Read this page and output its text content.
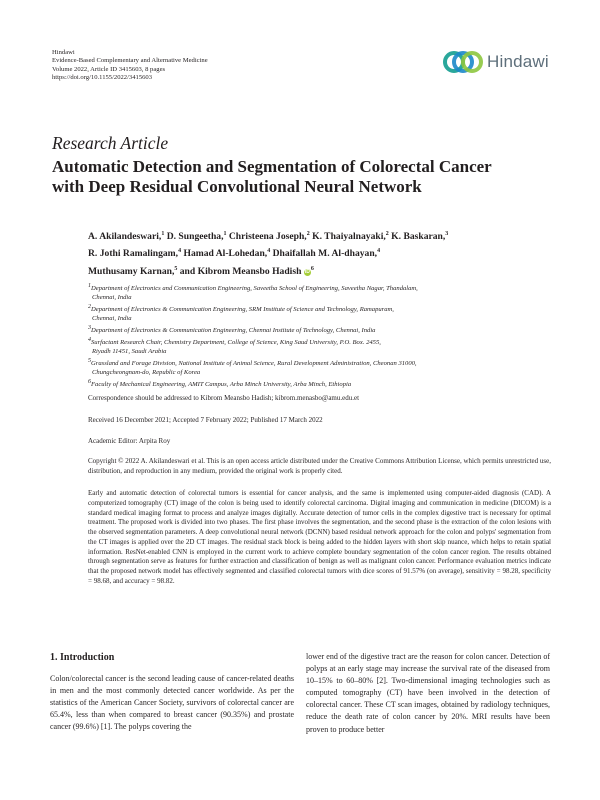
Hindawi
Evidence-Based Complementary and Alternative Medicine
Volume 2022, Article ID 3415603, 8 pages
https://doi.org/10.1155/2022/3415603
Hindawi
Research Article
Automatic Detection and Segmentation of Colorectal Cancer
with Deep Residual Convolutional Neural Network
A. Akilandeswari,$^1$ D. Sungeetha,$^1$ Christeena Joseph,$^2$ K. Thaiyalnayaki,$^2$ K. Baskaran,$^3$
R. Jothi Ramalingam,$^4$ Hamad Al-Lohedan,$^4$ Dhaifallah M. Al-dhayan,$^4$
Muthusamy Karnan,$^5$ and Kibrom Meansbo Hadish $iD^6$
$^1$Department of Electronics and Communication Engineering, Saveetha School of Engineering, Saveetha Nagar, Thandalam,
Chennai, India
$^2$Department of Electronics & Communication Engineering, SRM Institute of Science and Technology, Ramapuram,
Chennai, India
$^3$Department of Electronics & Communication Engineering, Chennai Institute of Technology, Chennai, India
$^4$Surfactant Research Chair, Chemistry Department, College of Science, King Saud University, P.O. Box. 2455,
Riyadh 11451, Saudi Arabia
$^5$Grassland and Forage Division, National Institute of Animal Science, Rural Development Administration, Cheonan 31000,
Chungcheongnam-do, Republic of Korea
$^6$Faculty of Mechanical Engineering, AMIT Campus, Arba Minch University, Arba Minch, Ethiopia
Correspondence should be addressed to Kibrom Meansbo Hadish; kibrom.menasbo@amu.edu.et
Received 16 December 2021; Accepted 7 February 2022; Published 17 March 2022
Academic Editor: Arpita Roy
Copyright © 2022 A. Akilandeswari et al. This is an open access article distributed under the Creative Commons Attribution License, which permits unrestricted use, distribution, and reproduction in any medium, provided the original work is properly cited.
Early and automatic detection of colorectal tumors is essential for cancer analysis, and the same is implemented using computer-aided diagnosis (CAD). A computerized tomography (CT) image of the colon is being used to identify colorectal carcinoma. Digital imaging and communication in medicine (DICOM) is a standard medical imaging format to process and analyze images digitally. Accurate detection of tumor cells in the complex digestive tract is necessary for optimal treatment. The proposed work is divided into two phases. The first phase involves the segmentation, and the second phase is the extraction of the colon lesions with the observed segmentation parameters. A deep convolutional neural network (DCNN) based residual network approach for the colon and polyps' segmentation from the CT images is applied over the 2D CT images. The residual stack block is being added to the hidden layers with short skip nuance, which helps to retain spatial information. ResNet-enabled CNN is employed in the current work to achieve complete boundary segmentation of the colon cancer region. The results obtained through segmentation serve as features for further extraction and classification of benign as well as malignant colon cancer. Performance evaluation metrics indicate that the proposed network model has effectively segmented and classified colorectal tumors with dice scores of 91.57% (on average), sensitivity = 98.28, specificity = 98.68, and accuracy = 98.82.
1. Introduction
Colon/colorectal cancer is the second leading cause of cancer-related deaths in men and the most commonly detected cancer worldwide. As per the statistics of the American Cancer Society, survivors of colorectal cancer are 65.4%, less than when compared to breast cancer (90.35%) and prostate cancer (99.6%) [1]. The polyps covering the
lower end of the digestive tract are the reason for colon cancer. Detection of polyps at an early stage may increase the survival rate of the diseased from 10–15% to 60–80% [2]. Two-dimensional imaging technologies such as computed tomography (CT) have been involved in the detection of colorectal cancer. These CT scan images, obtained by radiology techniques, reduce the death rate of colon cancer by 20%. MRI results have been proven to produce better
